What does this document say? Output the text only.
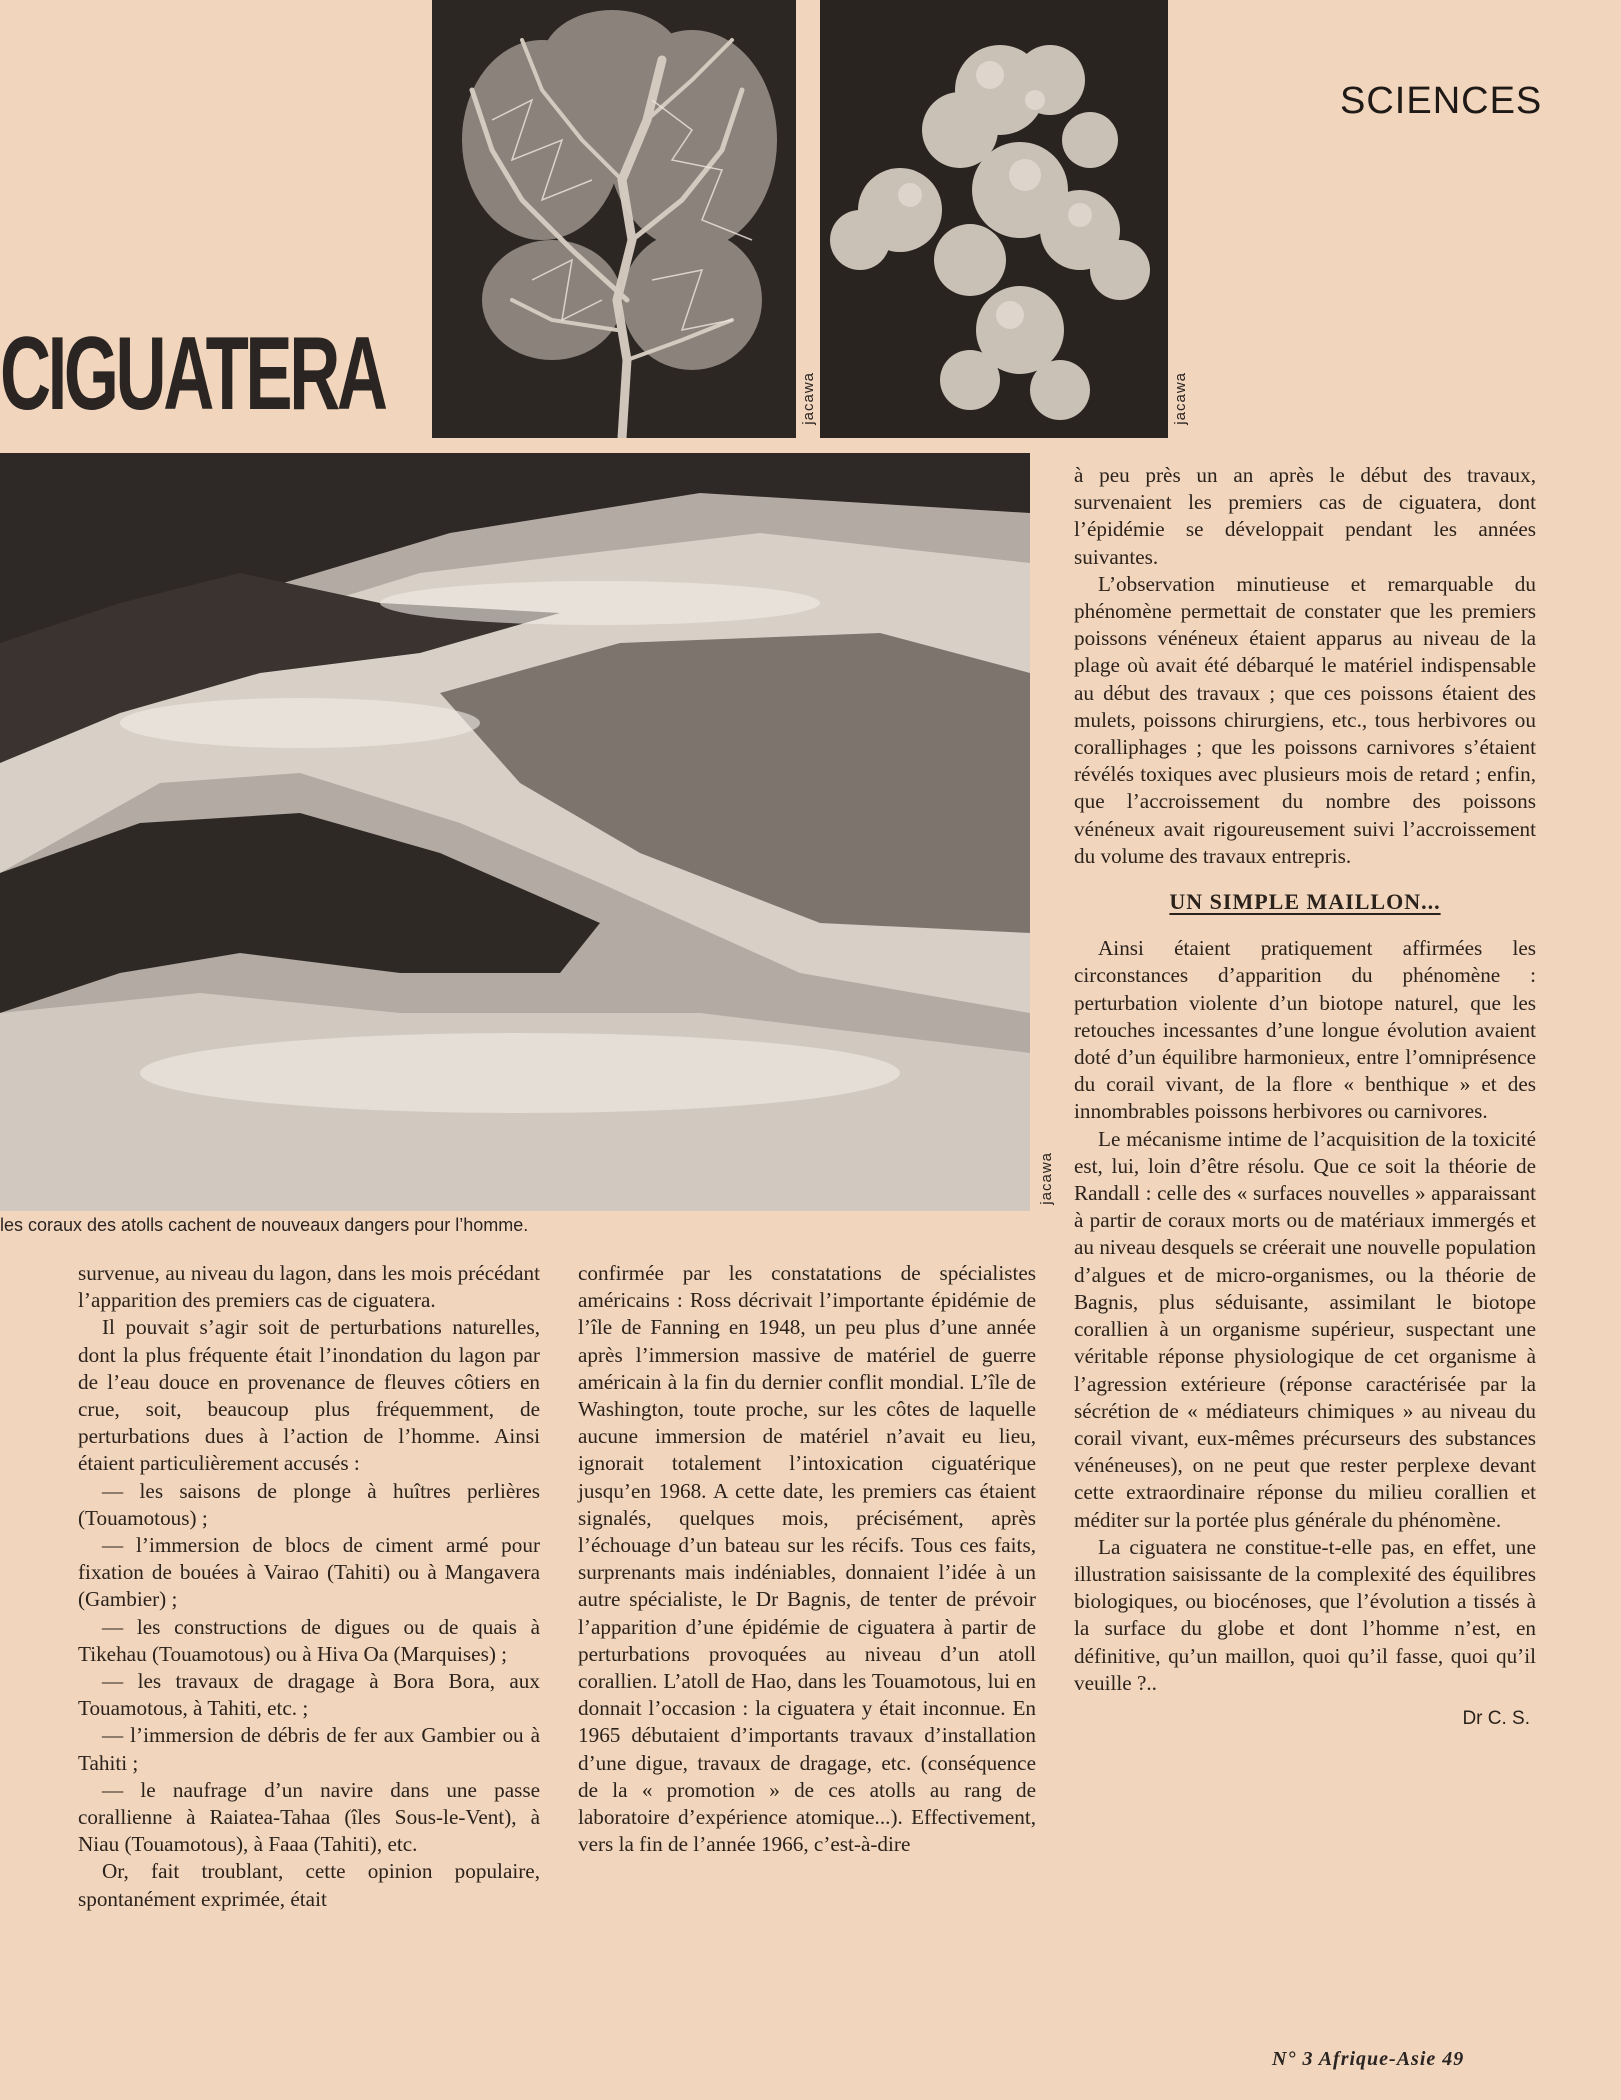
SCIENCES
CIGUATERA	jacawa	jacawa
jacawa
les coraux des atolls cachent de nouveaux dangers pour l’homme.

survenue, au niveau du lagon, dans les mois précédant l’apparition des premiers cas de ciguatera.

Il pouvait s’agir soit de perturbations naturelles, dont la plus fréquente était l’inondation du lagon par de l’eau douce en provenance de fleuves côtiers en crue, soit, beaucoup plus fréquemment, de perturbations dues à l’action de l’homme. Ainsi étaient particulièrement accusés :

— les saisons de plonge à huîtres perlières (Touamotous) ;

— l’immersion de blocs de ciment armé pour fixation de bouées à Vairao (Tahiti) ou à Mangavera (Gambier) ;

— les constructions de digues ou de quais à Tikehau (Touamotous) ou à Hiva Oa (Marquises) ;

— les travaux de dragage à Bora Bora, aux Touamotous, à Tahiti, etc. ;

— l’immersion de débris de fer aux Gambier ou à Tahiti ;

— le naufrage d’un navire dans une passe corallienne à Raiatea-Tahaa (îles Sous-le-Vent), à Niau (Touamotous), à Faaa (Tahiti), etc.

Or, fait troublant, cette opinion populaire, spontanément exprimée, était

confirmée par les constatations de spécialistes américains : Ross décrivait l’importante épidémie de l’île de Fanning en 1948, un peu plus d’une année après l’immersion massive de matériel de guerre américain à la fin du dernier conflit mondial. L’île de Washington, toute proche, sur les côtes de laquelle aucune immersion de matériel n’avait eu lieu, ignorait totalement l’intoxication ciguatérique jusqu’en 1968. A cette date, les premiers cas étaient signalés, quelques mois, précisément, après l’échouage d’un bateau sur les récifs. Tous ces faits, surprenants mais indéniables, donnaient l’idée à un autre spécialiste, le Dr Bagnis, de tenter de prévoir l’apparition d’une épidémie de ciguatera à partir de perturbations provoquées au niveau d’un atoll corallien. L’atoll de Hao, dans les Touamotous, lui en donnait l’occasion : la ciguatera y était inconnue. En 1965 débutaient d’importants travaux d’installation d’une digue, travaux de dragage, etc. (conséquence de la « promotion » de ces atolls au rang de laboratoire d’expérience atomique...). Effectivement, vers la fin de l’année 1966, c’est-à-dire

à peu près un an après le début des travaux, survenaient les premiers cas de ciguatera, dont l’épidémie se développait pendant les années suivantes.

L’observation minutieuse et remarquable du phénomène permettait de constater que les premiers poissons vénéneux étaient apparus au niveau de la plage où avait été débarqué le matériel indispensable au début des travaux ; que ces poissons étaient des mulets, poissons chirurgiens, etc., tous herbivores ou coralliphages ; que les poissons carnivores s’étaient révélés toxiques avec plusieurs mois de retard ; enfin, que l’accroissement du nombre des poissons vénéneux avait rigoureusement suivi l’accroissement du volume des travaux entrepris.

UN SIMPLE MAILLON...

Ainsi étaient pratiquement affirmées les circonstances d’apparition du phénomène : perturbation violente d’un biotope naturel, que les retouches incessantes d’une longue évolution avaient doté d’un équilibre harmonieux, entre l’omniprésence du corail vivant, de la flore « benthique » et des innombrables poissons herbivores ou carnivores.

Le mécanisme intime de l’acquisition de la toxicité est, lui, loin d’être résolu. Que ce soit la théorie de Randall : celle des « surfaces nouvelles » apparaissant à partir de coraux morts ou de matériaux immergés et au niveau desquels se créerait une nouvelle population d’algues et de micro-organismes, ou la théorie de Bagnis, plus séduisante, assimilant le biotope corallien à un organisme supérieur, suspectant une véritable réponse physiologique de cet organisme à l’agression extérieure (réponse caractérisée par la sécrétion de « médiateurs chimiques » au niveau du corail vivant, eux-mêmes précurseurs des substances vénéneuses), on ne peut que rester perplexe devant cette extraordinaire réponse du milieu corallien et méditer sur la portée plus générale du phénomène.

La ciguatera ne constitue-t-elle pas, en effet, une illustration saisissante de la complexité des équilibres biologiques, ou biocénoses, que l’évolution a tissés à la surface du globe et dont l’homme n’est, en définitive, qu’un maillon, quoi qu’il fasse, quoi qu’il veuille ?..

Dr C. S.
N° 3 Afrique-Asie 49
